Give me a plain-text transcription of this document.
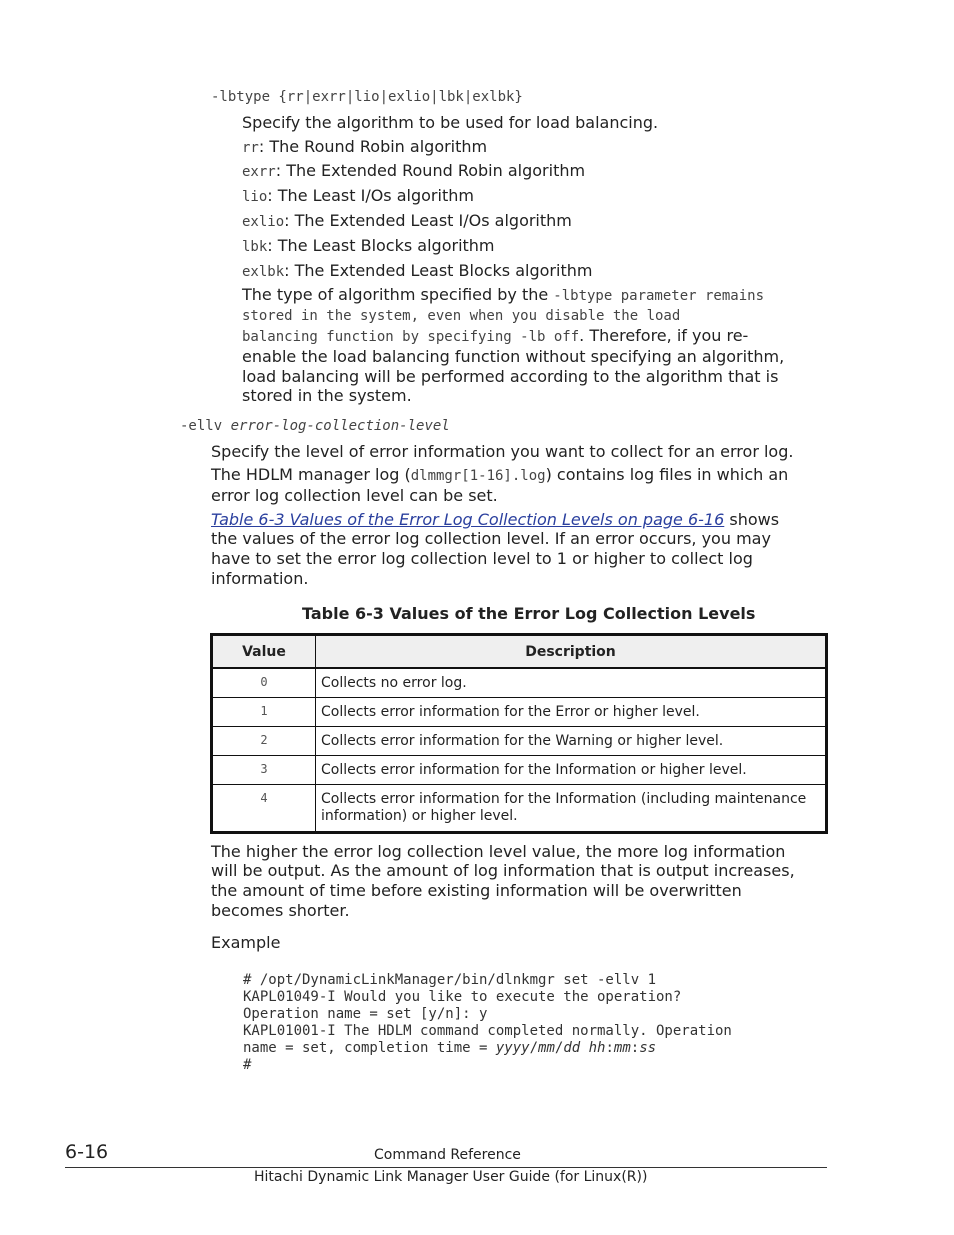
-lbtype {rr|exrr|lio|exlio|lbk|exlbk}
Specify the algorithm to be used for load balancing.
rr: The Round Robin algorithm
exrr: The Extended Round Robin algorithm
lio: The Least I/Os algorithm
exlio: The Extended Least I/Os algorithm
lbk: The Least Blocks algorithm
exlbk: The Extended Least Blocks algorithm
The type of algorithm specified by the -lbtype parameter remains
stored in the system, even when you disable the load
balancing function by specifying -lb off. Therefore, if you re-
enable the load balancing function without specifying an algorithm,
load balancing will be performed according to the algorithm that is
stored in the system.
-ellv error-log-collection-level
Specify the level of error information you want to collect for an error log.
The HDLM manager log (dlmmgr[1-16].log) contains log files in which an
error log collection level can be set.
Table 6-3 Values of the Error Log Collection Levels on page 6-16 shows
the values of the error log collection level. If an error occurs, you may
have to set the error log collection level to 1 or higher to collect log
information.
Table 6-3 Values of the Error Log Collection Levels
Value	Description
0	Collects no error log.
1	Collects error information for the Error or higher level.
2	Collects error information for the Warning or higher level.
3	Collects error information for the Information or higher level.
4	Collects error information for the Information (including maintenance information) or higher level.
The higher the error log collection level value, the more log information
will be output. As the amount of log information that is output increases,
the amount of time before existing information will be overwritten
becomes shorter.
Example
# /opt/DynamicLinkManager/bin/dlnkmgr set -ellv 1
KAPL01049-I Would you like to execute the operation?
Operation name = set [y/n]: y
KAPL01001-I The HDLM command completed normally. Operation
name = set, completion time = yyyy/mm/dd hh:mm:ss
#
6-16	Command Reference
Hitachi Dynamic Link Manager User Guide (for Linux(R))
